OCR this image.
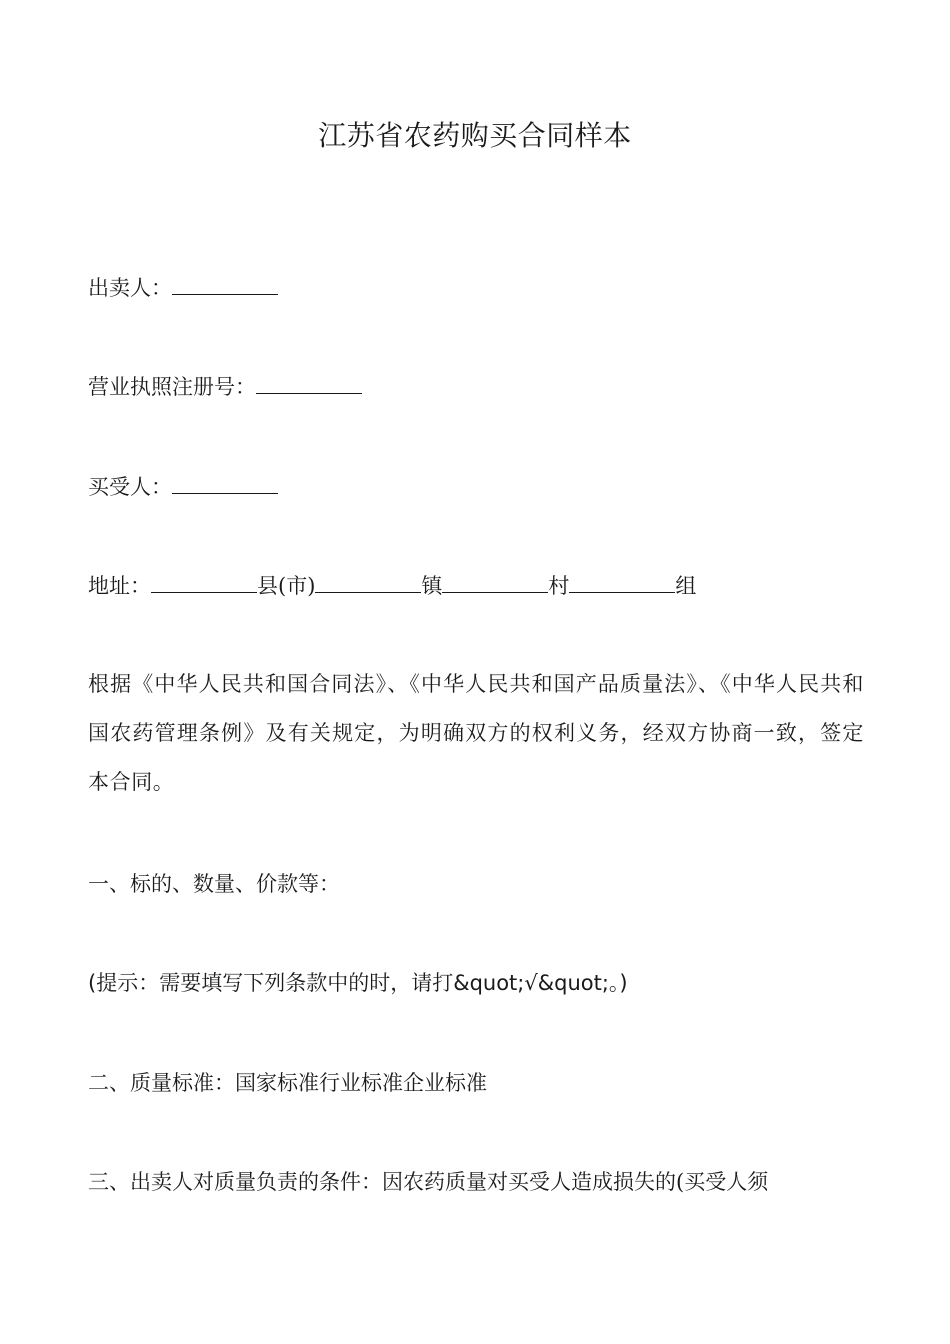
江苏省农药购买合同样本

出卖人：

营业执照注册号：

买受人：

地址：	县(市)	镇	村	组

根据《中华人民共和国合同法》、《中华人民共和国产品质量法》、《中华人民共和国农药管理条例》及有关规定，为明确双方的权利义务，经双方协商一致，签定本合同。

一、标的、数量、价款等：

(提示：需要填写下列条款中的时，请打&quot;√&quot;。)

二、质量标准：国家标准行业标准企业标准

三、出卖人对质量负责的条件：因农药质量对买受人造成损失的(买受人须
